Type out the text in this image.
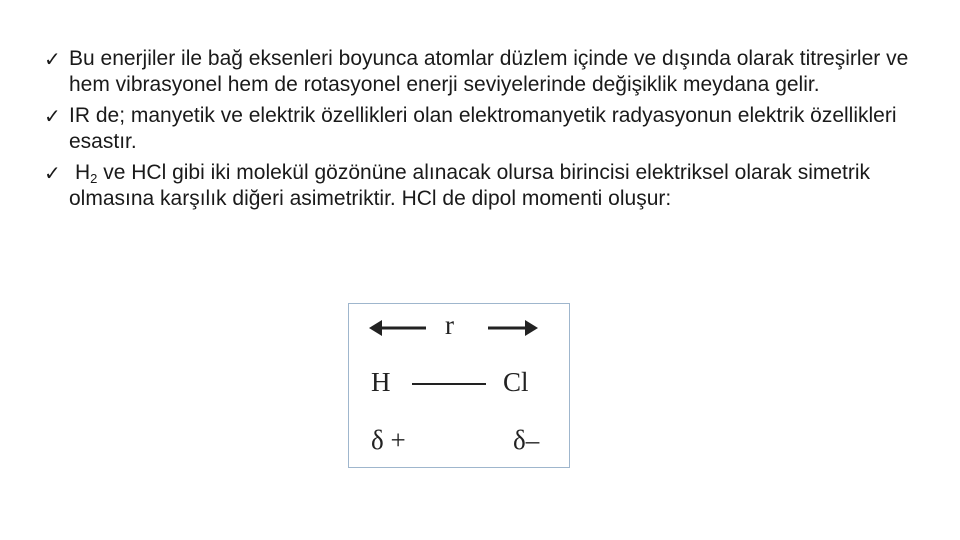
✓ Bu enerjiler ile bağ eksenleri boyunca atomlar düzlem içinde ve dışında olarak titreşirler ve hem vibrasyonel hem de rotasyonel enerji seviyelerinde değişiklik meydana gelir.
✓ IR de; manyetik ve elektrik özellikleri olan elektromanyetik radyasyonun elektrik özellikleri esastır.
✓ $H_2$ ve HCl gibi iki molekül gözönüne alınacak olursa birincisi elektriksel olarak simetrik olmasına karşılık diğeri asimetriktir. HCl de dipol momenti oluşur:
r
H	Cl
δ +	δ–
